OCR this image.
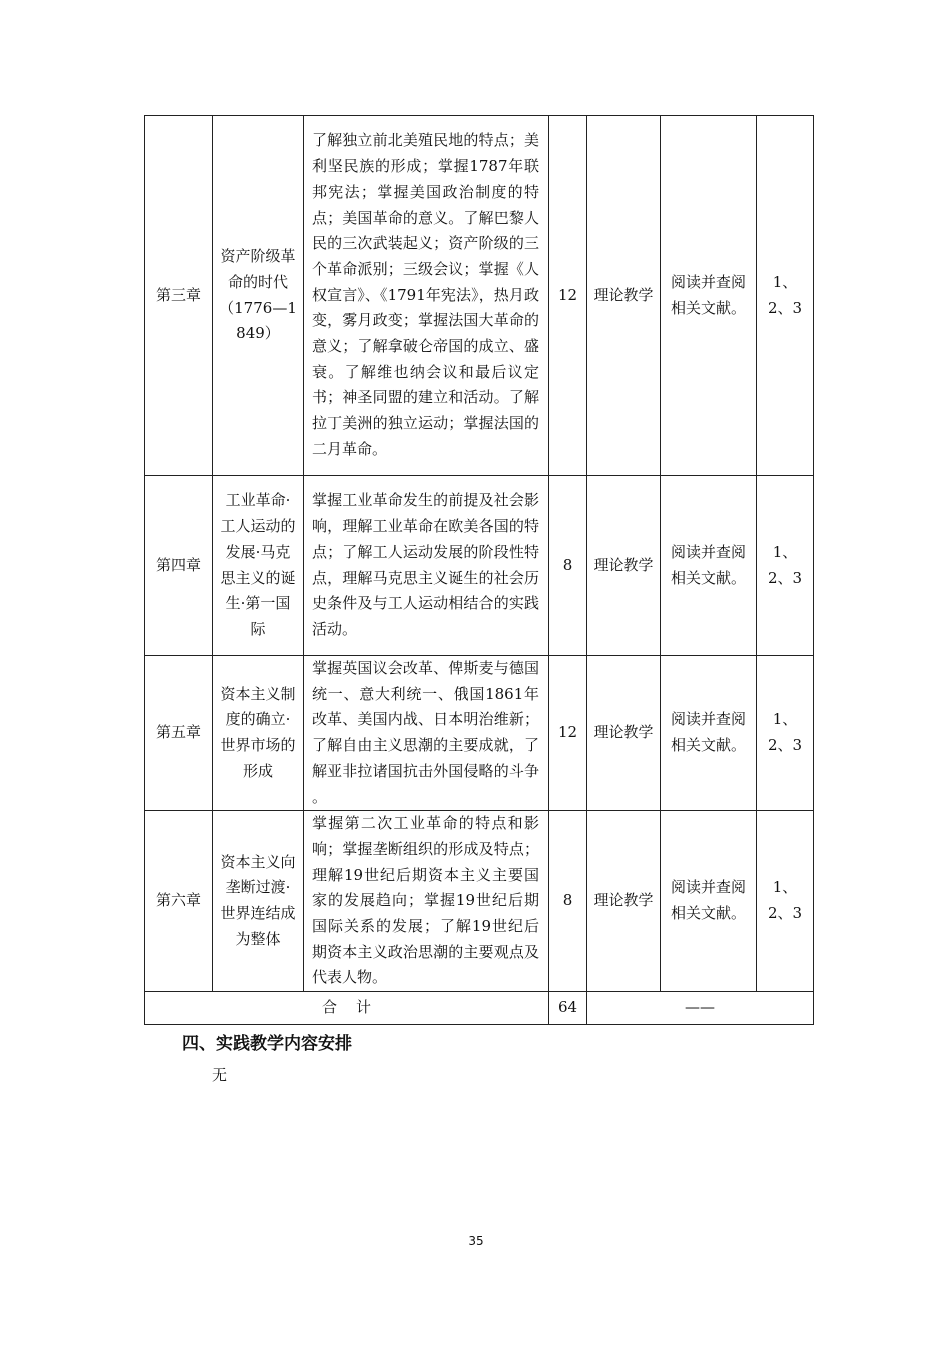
第三章	资产阶级革命的时代（1776—1849）	了解独立前北美殖民地的特点；美利坚民族的形成；掌握1787年联邦宪法；掌握美国政治制度的特点；美国革命的意义。了解巴黎人民的三次武装起义；资产阶级的三个革命派别；三级会议；掌握《人权宣言》、《1791年宪法》，热月政变，雾月政变；掌握法国大革命的意义；了解拿破仑帝国的成立、盛衰。了解维也纳会议和最后议定书；神圣同盟的建立和活动。了解拉丁美洲的独立运动；掌握法国的二月革命。	12	理论教学	阅读并查阅相关文献。	1、2、3
第四章	工业革命·工人运动的发展·马克思主义的诞生·第一国际	掌握工业革命发生的前提及社会影响，理解工业革命在欧美各国的特点；了解工人运动发展的阶段性特点，理解马克思主义诞生的社会历史条件及与工人运动相结合的实践活动。	8	理论教学	阅读并查阅相关文献。	1、2、3
第五章	资本主义制度的确立·世界市场的形成	掌握英国议会改革、俾斯麦与德国统一、意大利统一、俄国1861年改革、美国内战、日本明治维新；了解自由主义思潮的主要成就，了解亚非拉诸国抗击外国侵略的斗争 。	12	理论教学	阅读并查阅相关文献。	1、2、3
第六章	资本主义向垄断过渡·世界连结成为整体	掌握第二次工业革命的特点和影响；掌握垄断组织的形成及特点；理解19世纪后期资本主义主要国家的发展趋向；掌握19世纪后期国际关系的发展；了解19世纪后期资本主义政治思潮的主要观点及代表人物。	8	理论教学	阅读并查阅相关文献。	1、2、3
合    计			64	——		
四、实践教学内容安排
无
35
